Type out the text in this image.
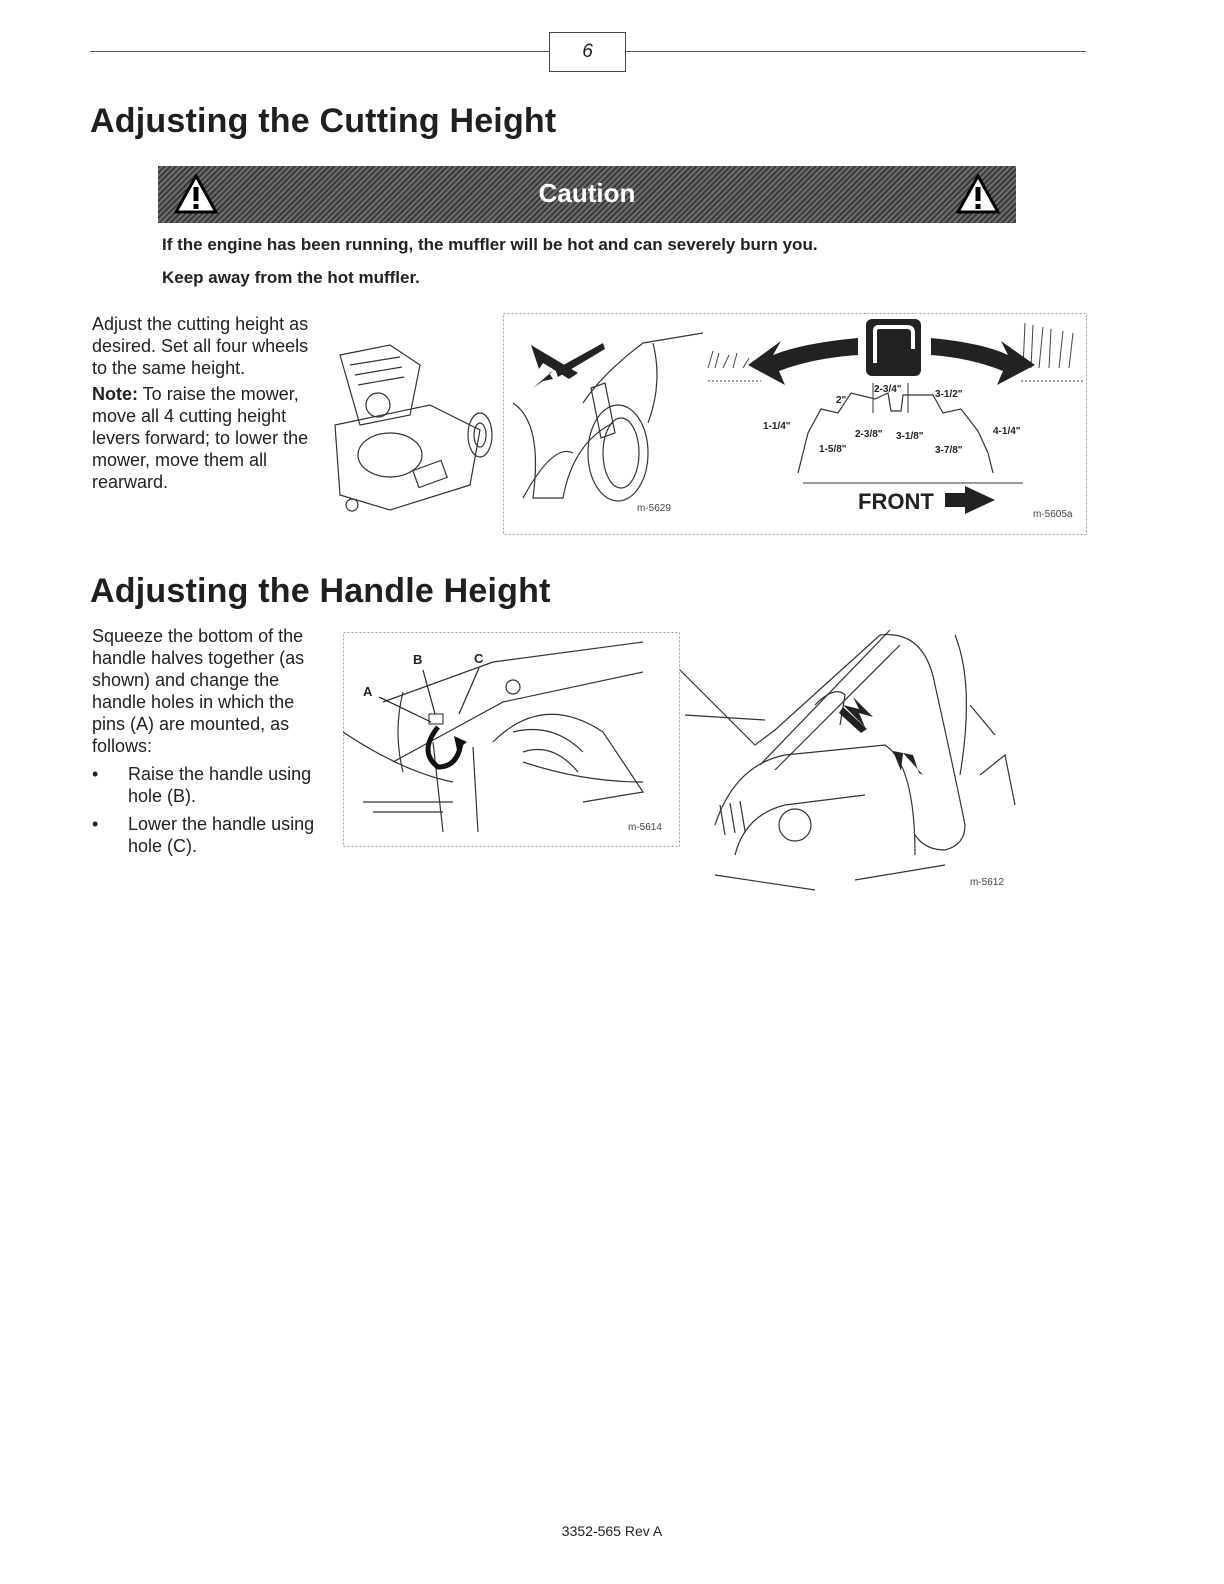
6
Adjusting the Cutting Height
Caution
If the engine has been running, the muffler will be hot and can severely burn you.
Keep away from the hot muffler.

Adjust the cutting height as desired. Set all four wheels to the same height.

Note: To raise the mower, move all 4 cutting height levers forward; to lower the mower, move them all rearward.

m-5629
1-1/4"
1-5/8"
2"
2-3/8"
2-3/4"
3-1/8"
3-1/2"
3-7/8"
4-1/4"
FRONT
m-5605a
Adjusting the Handle Height

Squeeze the bottom of the handle halves together (as shown) and change the handle holes in which the pins (A) are mounted, as follows:

• Raise the handle using hole (B).
• Lower the handle using hole (C).
A
B	C
m-5614
m-5612
3352-565 Rev A
